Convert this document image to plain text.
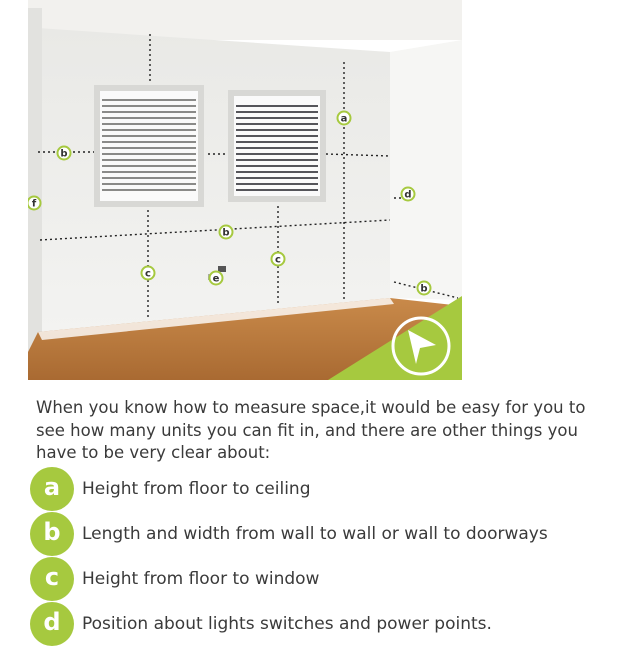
a
b
b
b
c
c
d
e
f

When you know how to measure space,it would be easy for you to see how many units you can fit in, and there are other things you have to be very clear about:

a	Height from floor to ceiling
b	Length and width from wall to wall or wall to doorways
c	Height from floor to window
d	Position about lights switches and power points.
